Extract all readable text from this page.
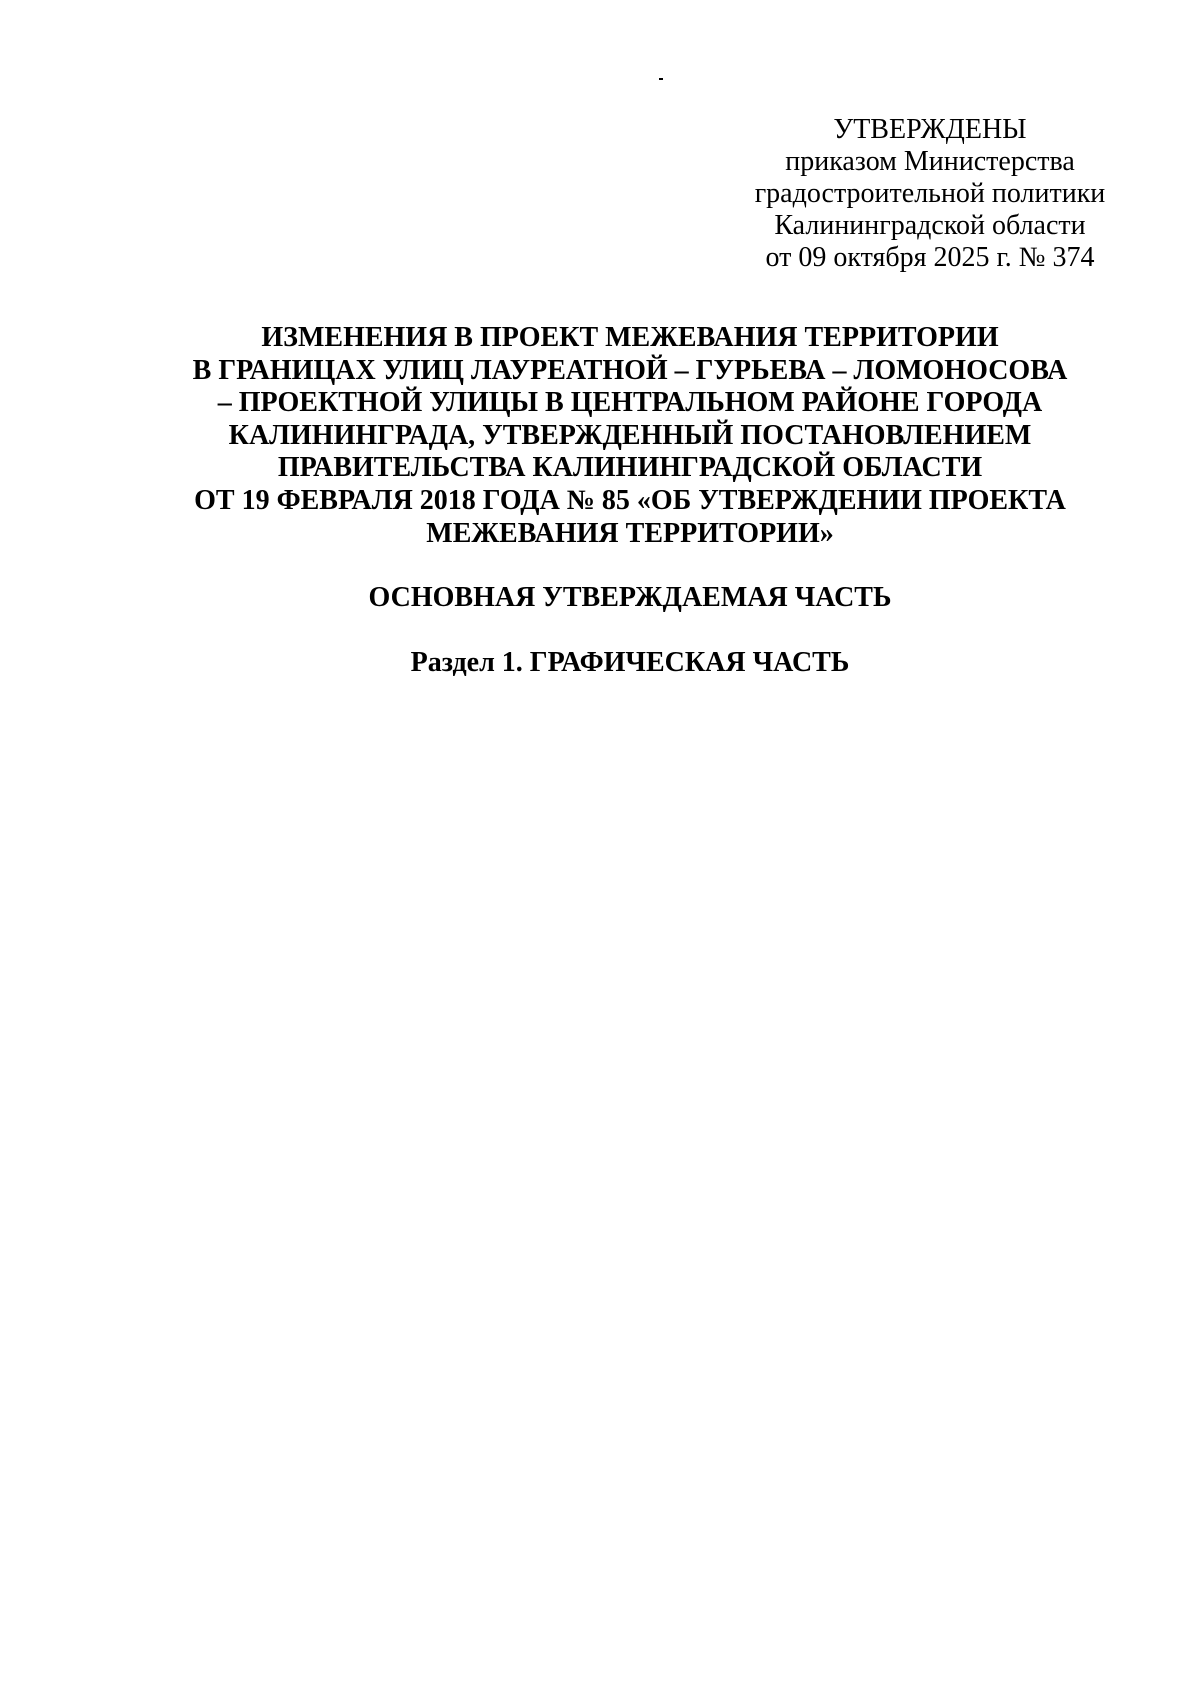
УТВЕРЖДЕНЫ
приказом Министерства
градостроительной политики
Калининградской области
от 09 октября 2025 г. № 374
ИЗМЕНЕНИЯ В ПРОЕКТ МЕЖЕВАНИЯ ТЕРРИТОРИИ
В ГРАНИЦАХ УЛИЦ ЛАУРЕАТНОЙ – ГУРЬЕВА – ЛОМОНОСОВА
– ПРОЕКТНОЙ УЛИЦЫ В ЦЕНТРАЛЬНОМ РАЙОНЕ ГОРОДА
КАЛИНИНГРАДА, УТВЕРЖДЕННЫЙ ПОСТАНОВЛЕНИЕМ
ПРАВИТЕЛЬСТВА КАЛИНИНГРАДСКОЙ ОБЛАСТИ
ОТ 19 ФЕВРАЛЯ 2018 ГОДА № 85 «ОБ УТВЕРЖДЕНИИ ПРОЕКТА
МЕЖЕВАНИЯ ТЕРРИТОРИИ»
ОСНОВНАЯ УТВЕРЖДАЕМАЯ ЧАСТЬ
Раздел 1. ГРАФИЧЕСКАЯ ЧАСТЬ
